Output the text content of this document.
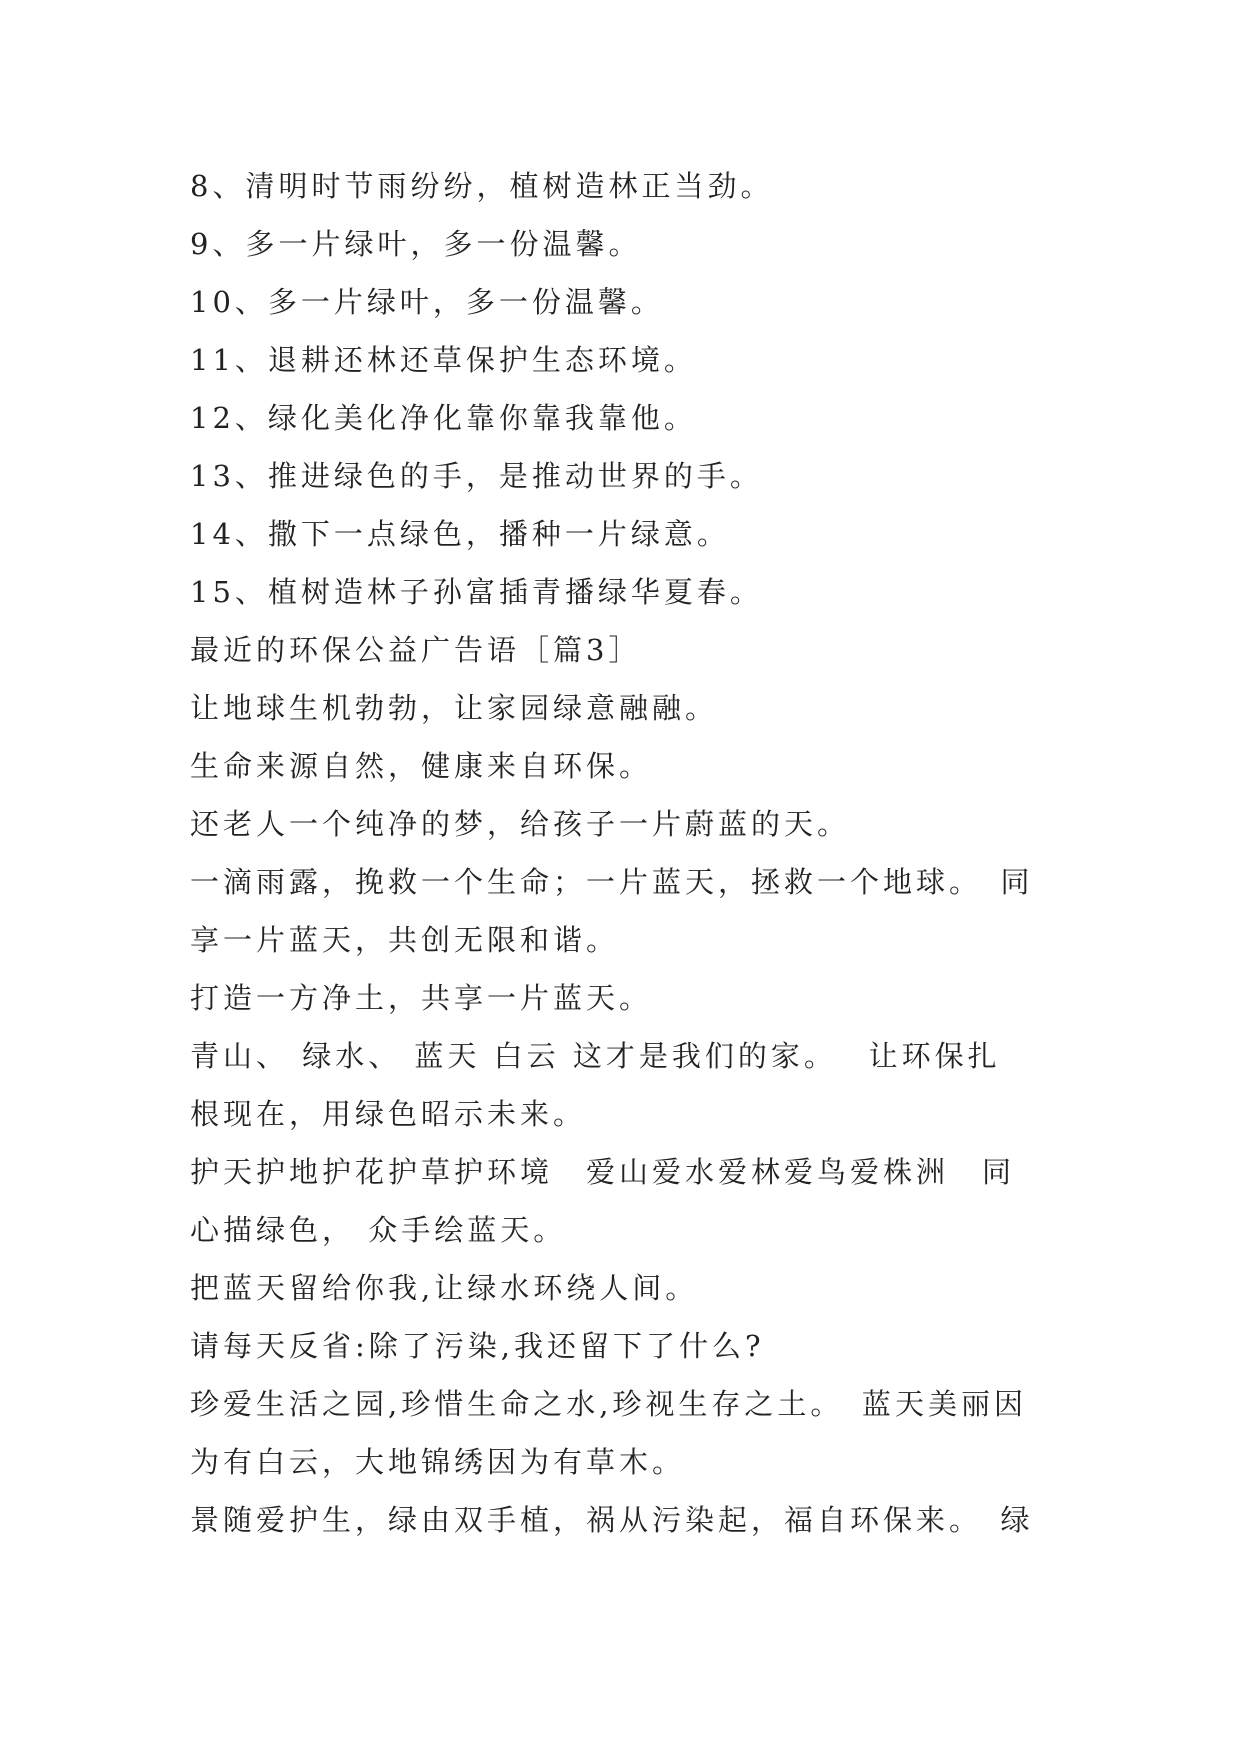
8、清明时节雨纷纷，植树造林正当劲。
9、多一片绿叶，多一份温馨。
10、多一片绿叶，多一份温馨。
11、退耕还林还草保护生态环境。
12、绿化美化净化靠你靠我靠他。
13、推进绿色的手，是推动世界的手。
14、撒下一点绿色，播种一片绿意。
15、植树造林子孙富插青播绿华夏春。
最近的环保公益广告语［篇3］
让地球生机勃勃，让家园绿意融融。
生命来源自然，健康来自环保。
还老人一个纯净的梦，给孩子一片蔚蓝的天。
一滴雨露，挽救一个生命；一片蓝天，拯救一个地球。　同
享一片蓝天，共创无限和谐。
打造一方净土，共享一片蓝天。
青山、 绿水、 蓝天 白云 这才是我们的家。　 让环保扎
根现在，用绿色昭示未来。
护天护地护花护草护环境　爱山爱水爱林爱鸟爱株洲　同
心描绿色， 众手绘蓝天。
把蓝天留给你我,让绿水环绕人间。
请每天反省:除了污染,我还留下了什么?
珍爱生活之园,珍惜生命之水,珍视生存之土。　蓝天美丽因
为有白云，大地锦绣因为有草木。
景随爱护生，绿由双手植，祸从污染起，福自环保来。　绿
